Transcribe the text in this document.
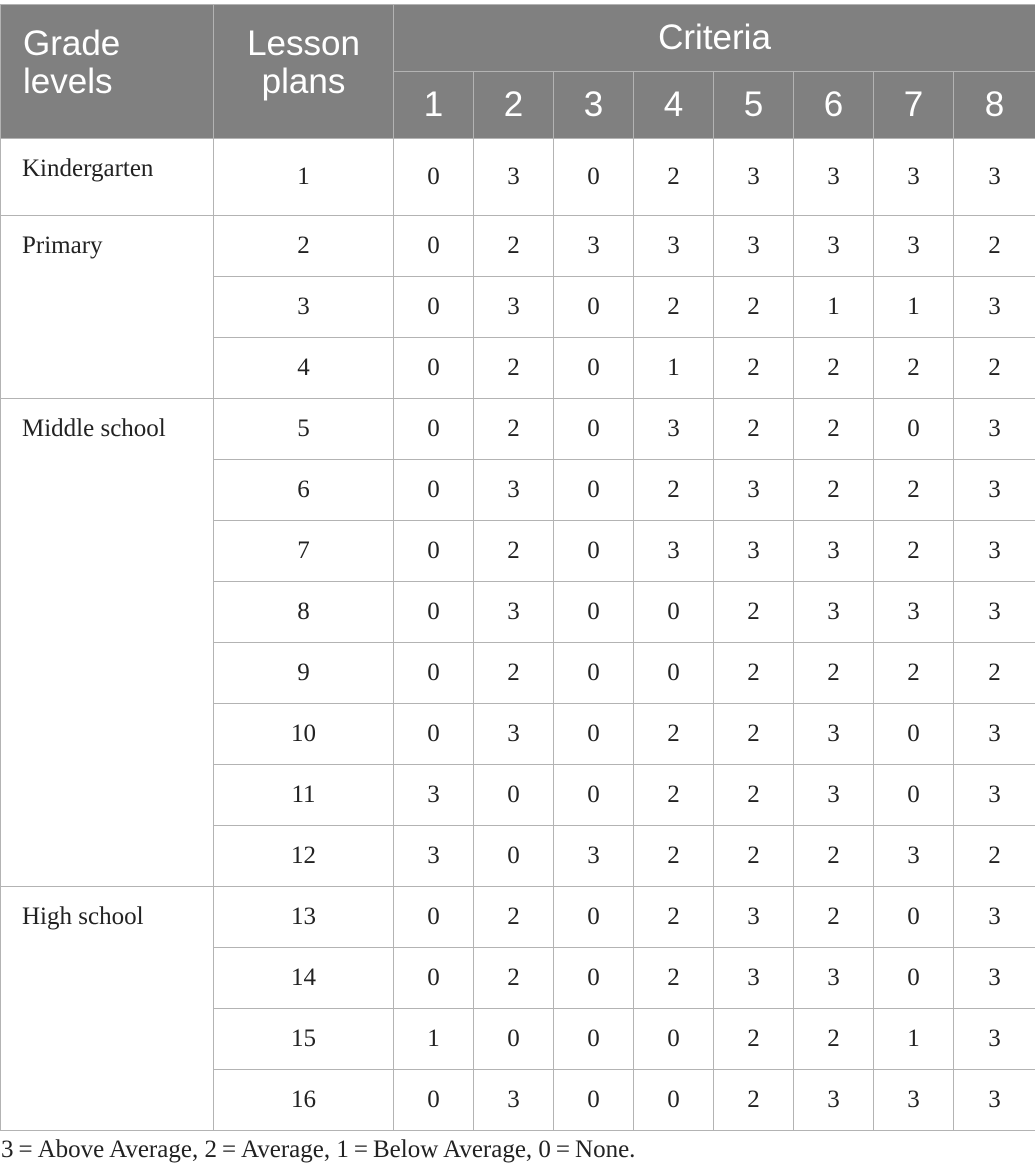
Grade levels	Lesson plans	Criteria							
		1	2	3	4	5	6	7	8
Kindergarten	1	0	3	0	2	3	3	3	3
Primary	2	0	2	3	3	3	3	3	2
	3	0	3	0	2	2	1	1	3
	4	0	2	0	1	2	2	2	2
Middle school	5	0	2	0	3	2	2	0	3
	6	0	3	0	2	3	2	2	3
	7	0	2	0	3	3	3	2	3
	8	0	3	0	0	2	3	3	3
	9	0	2	0	0	2	2	2	2
	10	0	3	0	2	2	3	0	3
	11	3	0	0	2	2	3	0	3
	12	3	0	3	2	2	2	3	2
High school	13	0	2	0	2	3	2	0	3
	14	0	2	0	2	3	3	0	3
	15	1	0	0	0	2	2	1	3
	16	0	3	0	0	2	3	3	3
3 = Above Average, 2 = Average, 1 = Below Average, 0 = None.
